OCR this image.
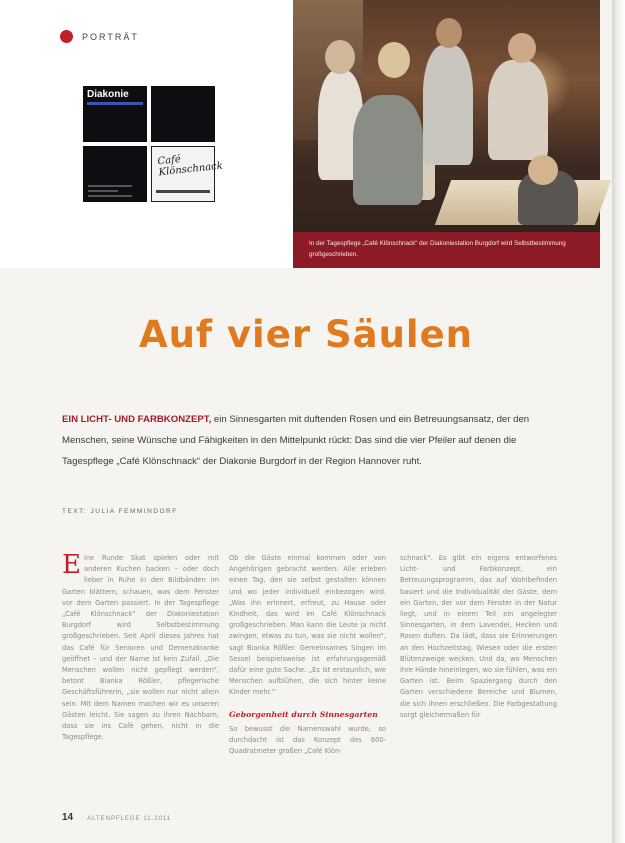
PORTRÄT
Diakonie
Café Klönschnack
In der Tagespflege „Café Klönschnack“ der Diakoniestation Burgdorf wird Selbstbestimmung großgeschrieben.
Auf vier Säulen

EIN LICHT- UND FARBKONZEPT, ein Sinnesgarten mit duftenden Rosen und ein Betreuungsansatz, der den Menschen, seine Wünsche und Fähigkeiten in den Mittelpunkt rückt: Das sind die vier Pfeiler auf denen die Tagespflege „Café Klönschnack“ der Diakonie Burgdorf in der Region Hannover ruht.

TEXT: JULIA FEMMINDORF

Eine Runde Skat spielen oder mit anderen Kuchen backen – oder doch lieber in Ruhe in den Bildbänden im Garten blättern, schauen, was dem Fenster vor dem Garten passiert. In der Tagespflege „Café Klönschnack“ der Diakoniestation Burgdorf wird Selbstbestimmung großgeschrieben. Seit April dieses Jahres hat das Café für Senioren und Demenzkranke geöffnet – und der Name ist kein Zufall. „Die Menschen wollen nicht gepflegt werden“, betont Bianka Rößler, pflegerische Geschäftsführerin, „sie wollen nur nicht allein sein. Mit dem Namen machen wir es unseren Gästen leicht. Sie sagen zu ihren Nachbarn, dass sie ins Café gehen, nicht in die Tagespflege.

Ob die Gäste einmal kommen oder von Angehörigen gebracht werden: Alle erleben einen Tag, den sie selbst gestalten können und wo jeder individuell einbezogen wird. „Was ihn erinnert, erfreut, zu Hause oder Kindheit, das wird im Café Klönschnack großgeschrieben. Man kann die Leute ja nicht zwingen, etwas zu tun, was sie nicht wollen“, sagt Bianka Rößler. Gemeinsames Singen im Sessel beispielsweise ist erfahrungsgemäß dafür eine gute Sache. „Es ist erstaunlich, wie Menschen aufblühen, die sich hinter keine Kinder mehr.“

Geborgenheit durch Sinnesgarten

So bewusst die Namenswahl wurde, so durchdacht ist das Konzept des 600-Quadratmeter großen „Café Klön-

schnack“. Es gibt ein eigens entworfenes Licht- und Farbkonzept, ein Betreuungsprogramm, das auf Wohlbefinden basiert und die Individualität der Gäste, dem ein Garten, der vor dem Fenster in der Natur liegt, und in einem Teil ein angelegter Sinnesgarten, in dem Lavendel, Hecken und Rosen duften. Da lädt, dass sie Erinnerungen an den Hochzeitstag, Wiesen oder die ersten Blütenzweige wecken. Und da, wo Menschen ihre Hände hineinlegen, wo sie fühlen, was ein Garten ist. Beim Spaziergang durch den Garten verschiedene Bereiche und Blumen, die sich ihnen erschließen. Die Farbgestaltung sorgt gleichermaßen für

14 ALTENPFLEGE 11.2011
